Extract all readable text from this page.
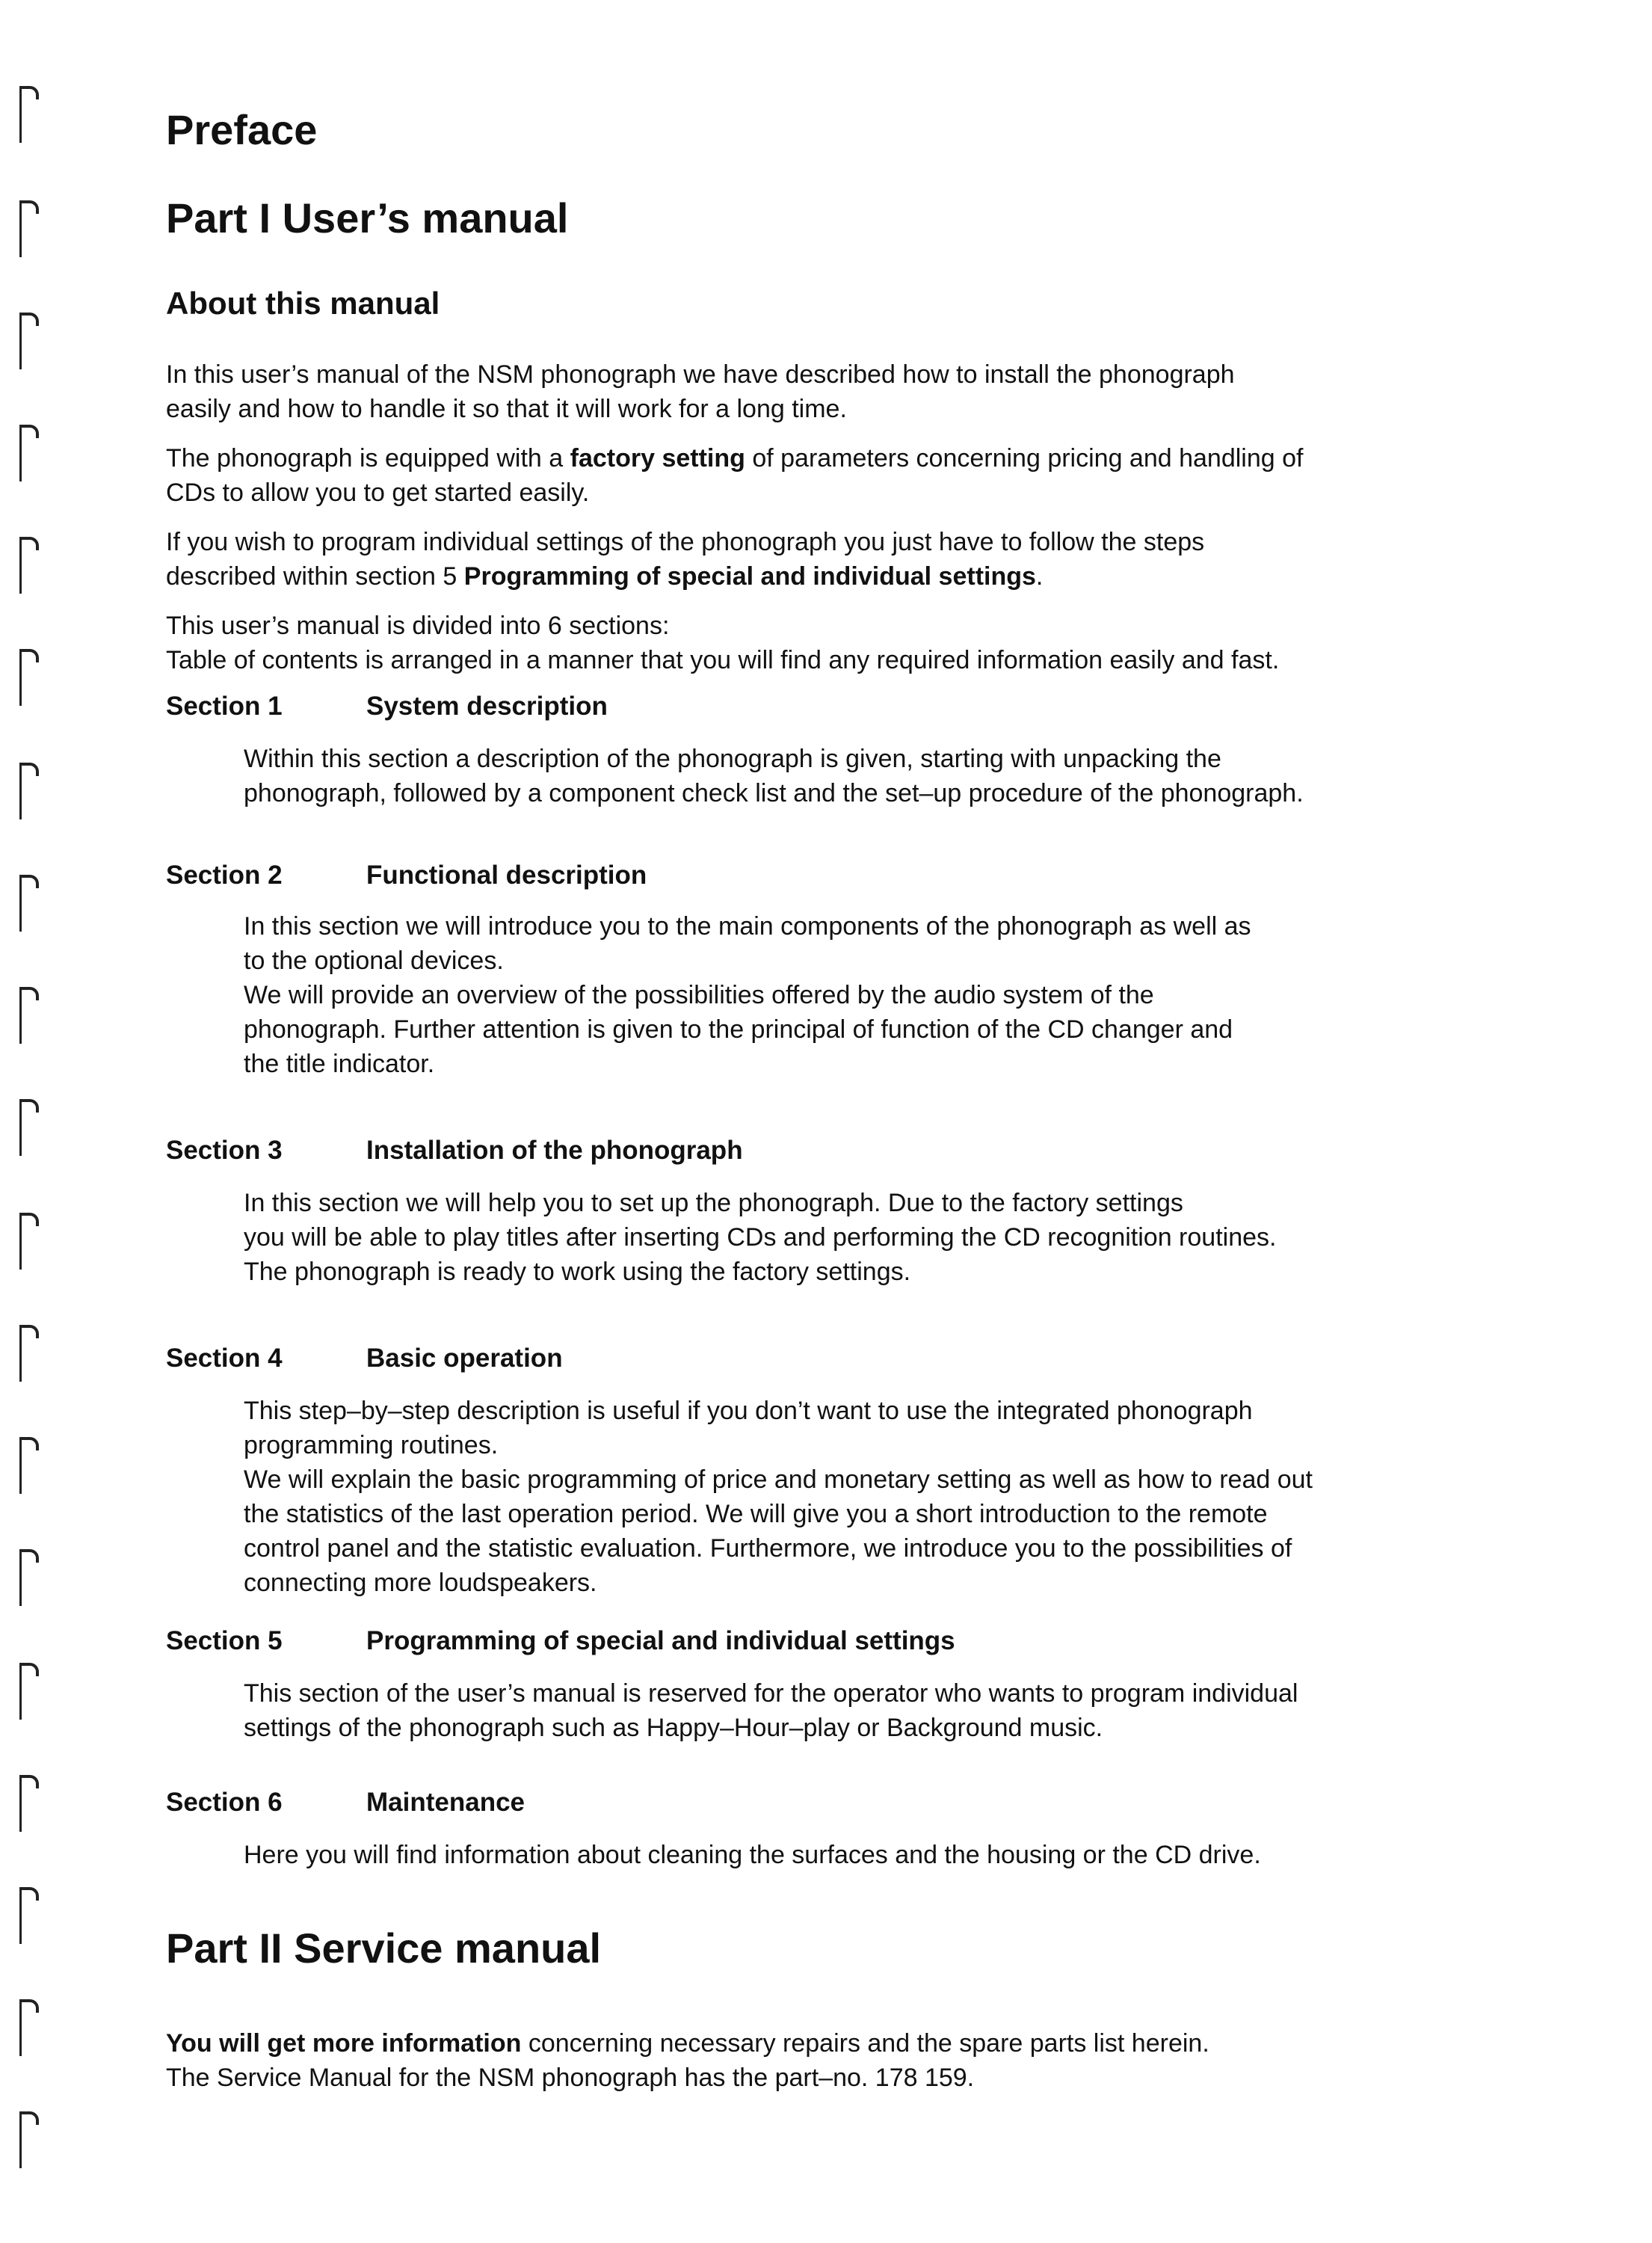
Preface
Part I User’s manual
About this manual

In this user’s manual of the NSM phonograph we have described how to install the phonograph
easily and how to handle it so that it will work for a long time.

The phonograph is equipped with a factory setting of parameters concerning pricing and handling of
CDs to allow you to get started easily.

If you wish to program individual settings of the phonograph you just have to follow the steps
described within section 5 Programming of special and individual settings.

This user’s manual is divided into 6 sections:
Table of contents is arranged in a manner that you will find any required information easily and fast.

Section 1	System description
Within this section a description of the phonograph is given, starting with unpacking the
phonograph, followed by a component check list and the set–up procedure of the phonograph.
Section 2	Functional description
In this section we will introduce you to the main components of the phonograph as well as
to the optional devices.
We will provide an overview of the possibilities offered by the audio system of the
phonograph. Further attention is given to the principal of function of the CD changer and
the title indicator.
Section 3	Installation of the phonograph
In this section we will help you to set up the phonograph. Due to the factory settings
you will be able to play titles after inserting CDs and performing the CD recognition routines.
The phonograph is ready to work using the factory settings.
Section 4	Basic operation
This step–by–step description is useful if you don’t want to use the integrated phonograph
programming routines.
We will explain the basic programming of price and monetary setting as well as how to read out
the statistics of the last operation period. We will give you a short introduction to the remote
control panel and the statistic evaluation. Furthermore, we introduce you to the possibilities of
connecting more loudspeakers.
Section 5	Programming of special and individual settings
This section of the user’s manual is reserved for the operator who wants to program individual
settings of the phonograph such as Happy–Hour–play or Background music.
Section 6	Maintenance
Here you will find information about cleaning the surfaces and the housing or the CD drive.
Part II Service manual

You will get more information concerning necessary repairs and the spare parts list herein.
The Service Manual for the NSM phonograph has the part–no. 178 159.
